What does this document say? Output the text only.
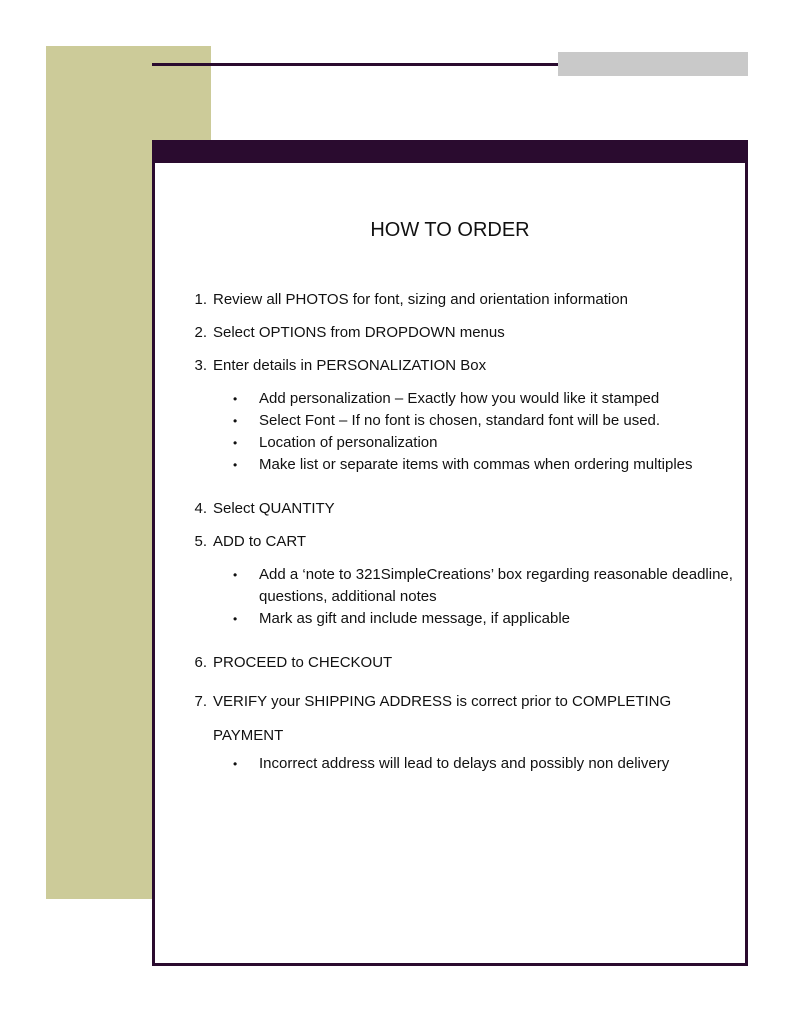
HOW TO ORDER
1. Review all PHOTOS for font, sizing and orientation information
2. Select OPTIONS from DROPDOWN menus
3. Enter details in PERSONALIZATION Box
• Add personalization – Exactly how you would like it stamped
• Select Font – If no font is chosen, standard font will be used.
• Location of personalization
• Make list or separate items with commas when ordering multiples
4. Select QUANTITY
5. ADD to CART
• Add a ‘note to 321SimpleCreations’ box regarding reasonable deadline, questions, additional notes
• Mark as gift and include message, if applicable
6. PROCEED to CHECKOUT
7. VERIFY your SHIPPING ADDRESS is correct prior to COMPLETING PAYMENT
• Incorrect address will lead to delays and possibly non delivery
